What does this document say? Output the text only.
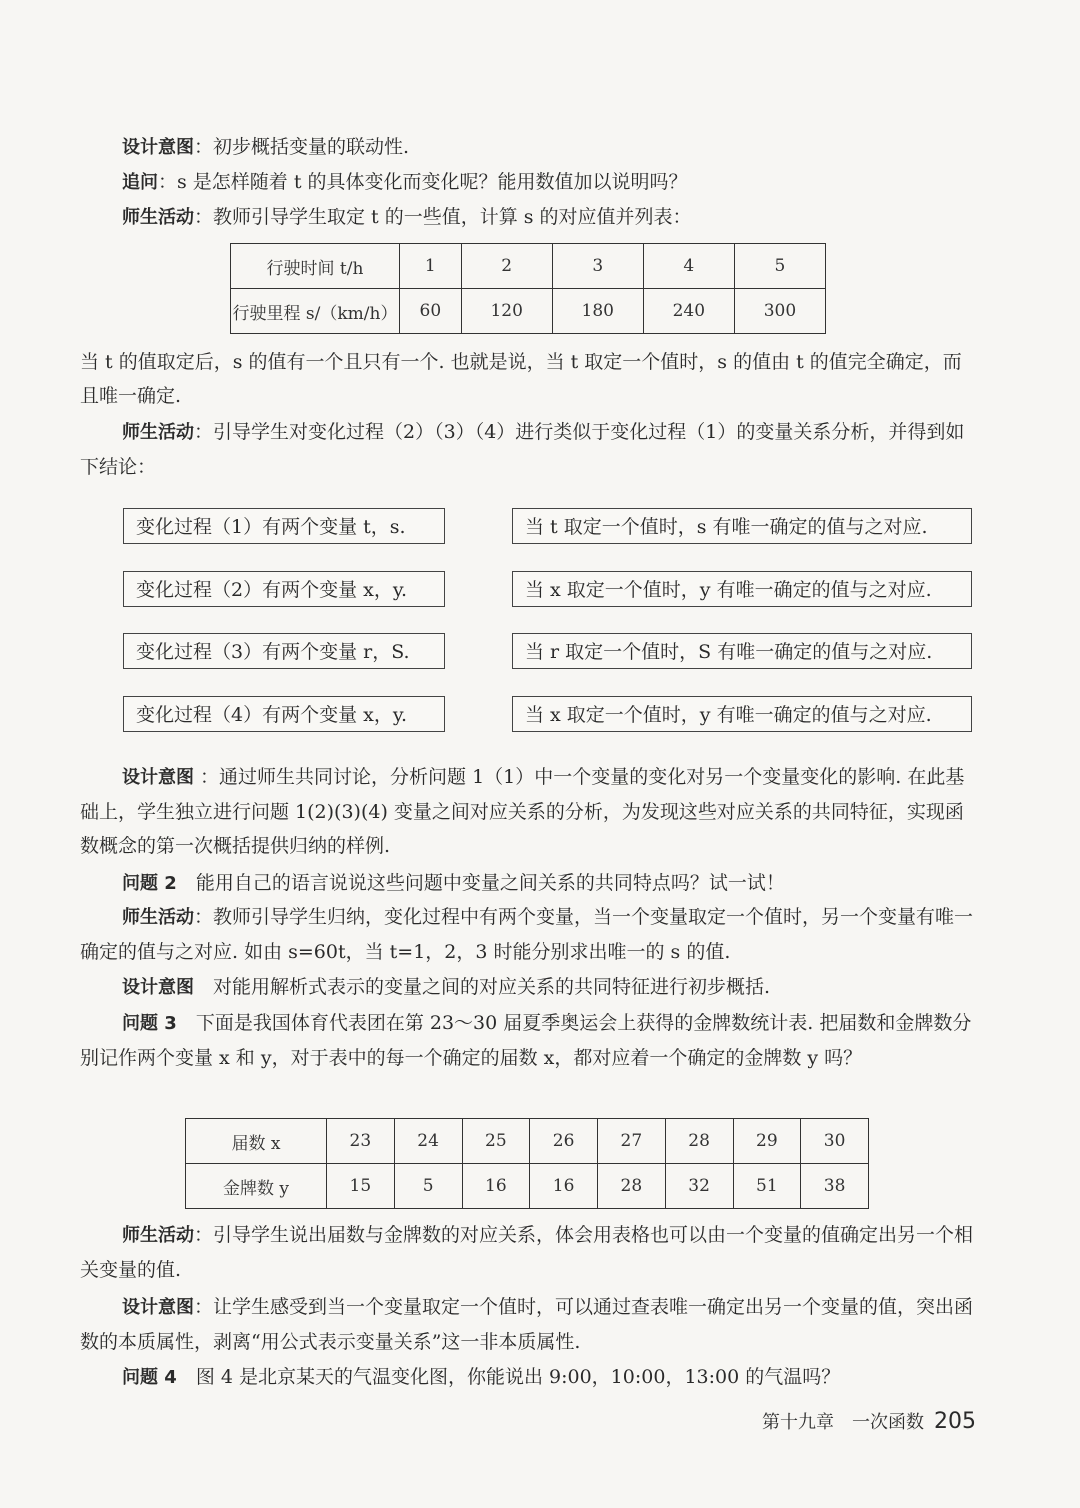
设计意图：初步概括变量的联动性.

追问：s 是怎样随着 t 的具体变化而变化呢？能用数值加以说明吗？

师生活动：教师引导学生取定 t 的一些值，计算 s 的对应值并列表：

行驶时间 t/h	1	2	3	4	5
行驶里程 s/（km/h）	60	120	180	240	300

当 t 的值取定后，s 的值有一个且只有一个. 也就是说，当 t 取定一个值时，s 的值由 t 的值完全确定，而且唯一确定.

师生活动：引导学生对变化过程（2）（3）（4）进行类似于变化过程（1）的变量关系分析，并得到如下结论：

变化过程（1）有两个变量 t，s.	当 t 取定一个值时，s 有唯一确定的值与之对应.
变化过程（2）有两个变量 x，y.	当 x 取定一个值时，y 有唯一确定的值与之对应.
变化过程（3）有两个变量 r，S.	当 r 取定一个值时，S 有唯一确定的值与之对应.
变化过程（4）有两个变量 x，y.	当 x 取定一个值时，y 有唯一确定的值与之对应.

设计意图 ：通过师生共同讨论，分析问题 1（1）中一个变量的变化对另一个变量变化的影响. 在此基础上，学生独立进行问题 1(2)(3)(4) 变量之间对应关系的分析，为发现这些对应关系的共同特征，实现函数概念的第一次概括提供归纳的样例.

问题 2　 能用自己的语言说说这些问题中变量之间关系的共同特点吗？试一试！

师生活动：教师引导学生归纳，变化过程中有两个变量，当一个变量取定一个值时，另一个变量有唯一确定的值与之对应. 如由 s=60t，当 t=1，2，3 时能分别求出唯一的 s 的值.

设计意图　 对能用解析式表示的变量之间的对应关系的共同特征进行初步概括.

问题 3　 下面是我国体育代表团在第 23～30 届夏季奥运会上获得的金牌数统计表. 把届数和金牌数分别记作两个变量 x 和 y，对于表中的每一个确定的届数 x，都对应着一个确定的金牌数 y 吗？

届数 x	23	24	25	26	27	28	29	30
金牌数 y	15	5	16	16	28	32	51	38

师生活动：引导学生说出届数与金牌数的对应关系，体会用表格也可以由一个变量的值确定出另一个相关变量的值.

设计意图：让学生感受到当一个变量取定一个值时，可以通过查表唯一确定出另一个变量的值，突出函数的本质属性，剥离“用公式表示变量关系”这一非本质属性.

问题 4　 图 4 是北京某天的气温变化图，你能说出 9:00，10:00，13:00 的气温吗？

第十九章　一次函数 205
